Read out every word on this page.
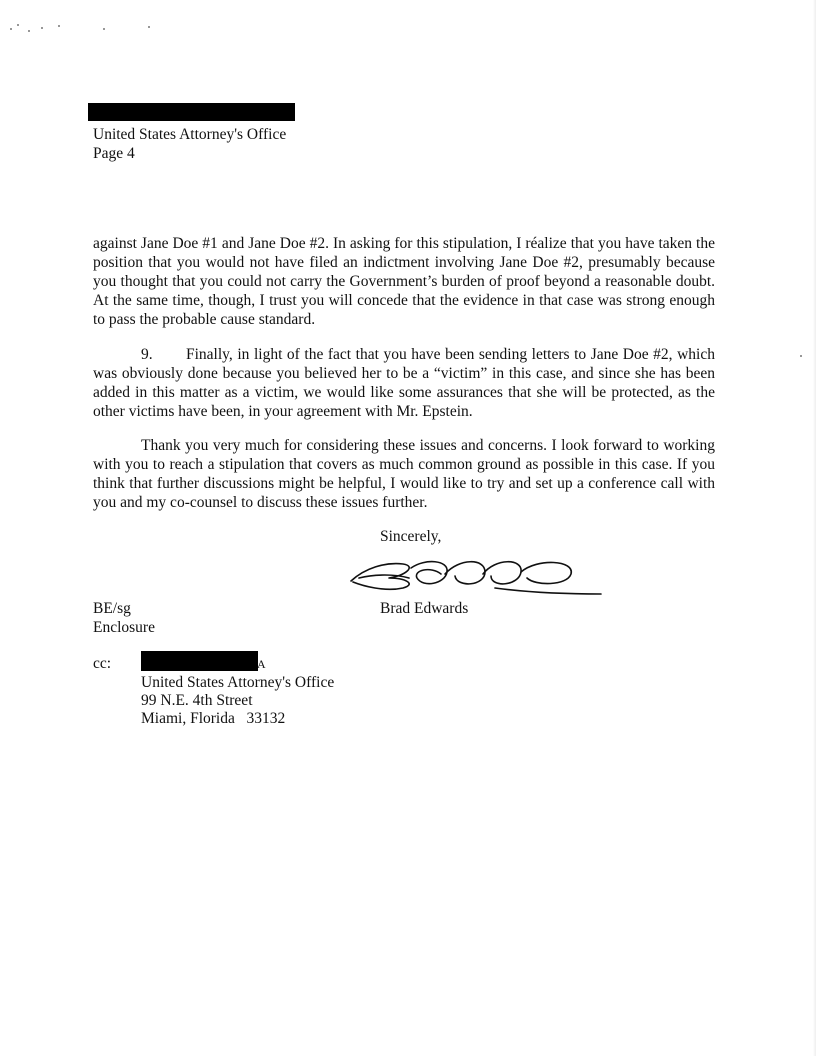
United States Attorney's Office
Page 4
against Jane Doe #1 and Jane Doe #2. In asking for this stipulation, I réalize that you have taken the position that you would not have filed an indictment involving Jane Doe #2, presumably because you thought that you could not carry the Government’s burden of proof beyond a reasonable doubt. At the same time, though, I trust you will concede that the evidence in that case was strong enough to pass the probable cause standard.
9. Finally, in light of the fact that you have been sending letters to Jane Doe #2, which was obviously done because you believed her to be a “victim” in this case, and since she has been added in this matter as a victim, we would like some assurances that she will be protected, as the other victims have been, in your agreement with Mr. Epstein.
Thank you very much for considering these issues and concerns. I look forward to working with you to reach a stipulation that covers as much common ground as possible in this case. If you think that further discussions might be helpful, I would like to try and set up a conference call with you and my co-counsel to discuss these issues further.
Sincerely,
BE/sg	Brad Edwards
Enclosure
cc:	A
United States Attorney's Office
99 N.E. 4th Street
Miami, Florida   33132
